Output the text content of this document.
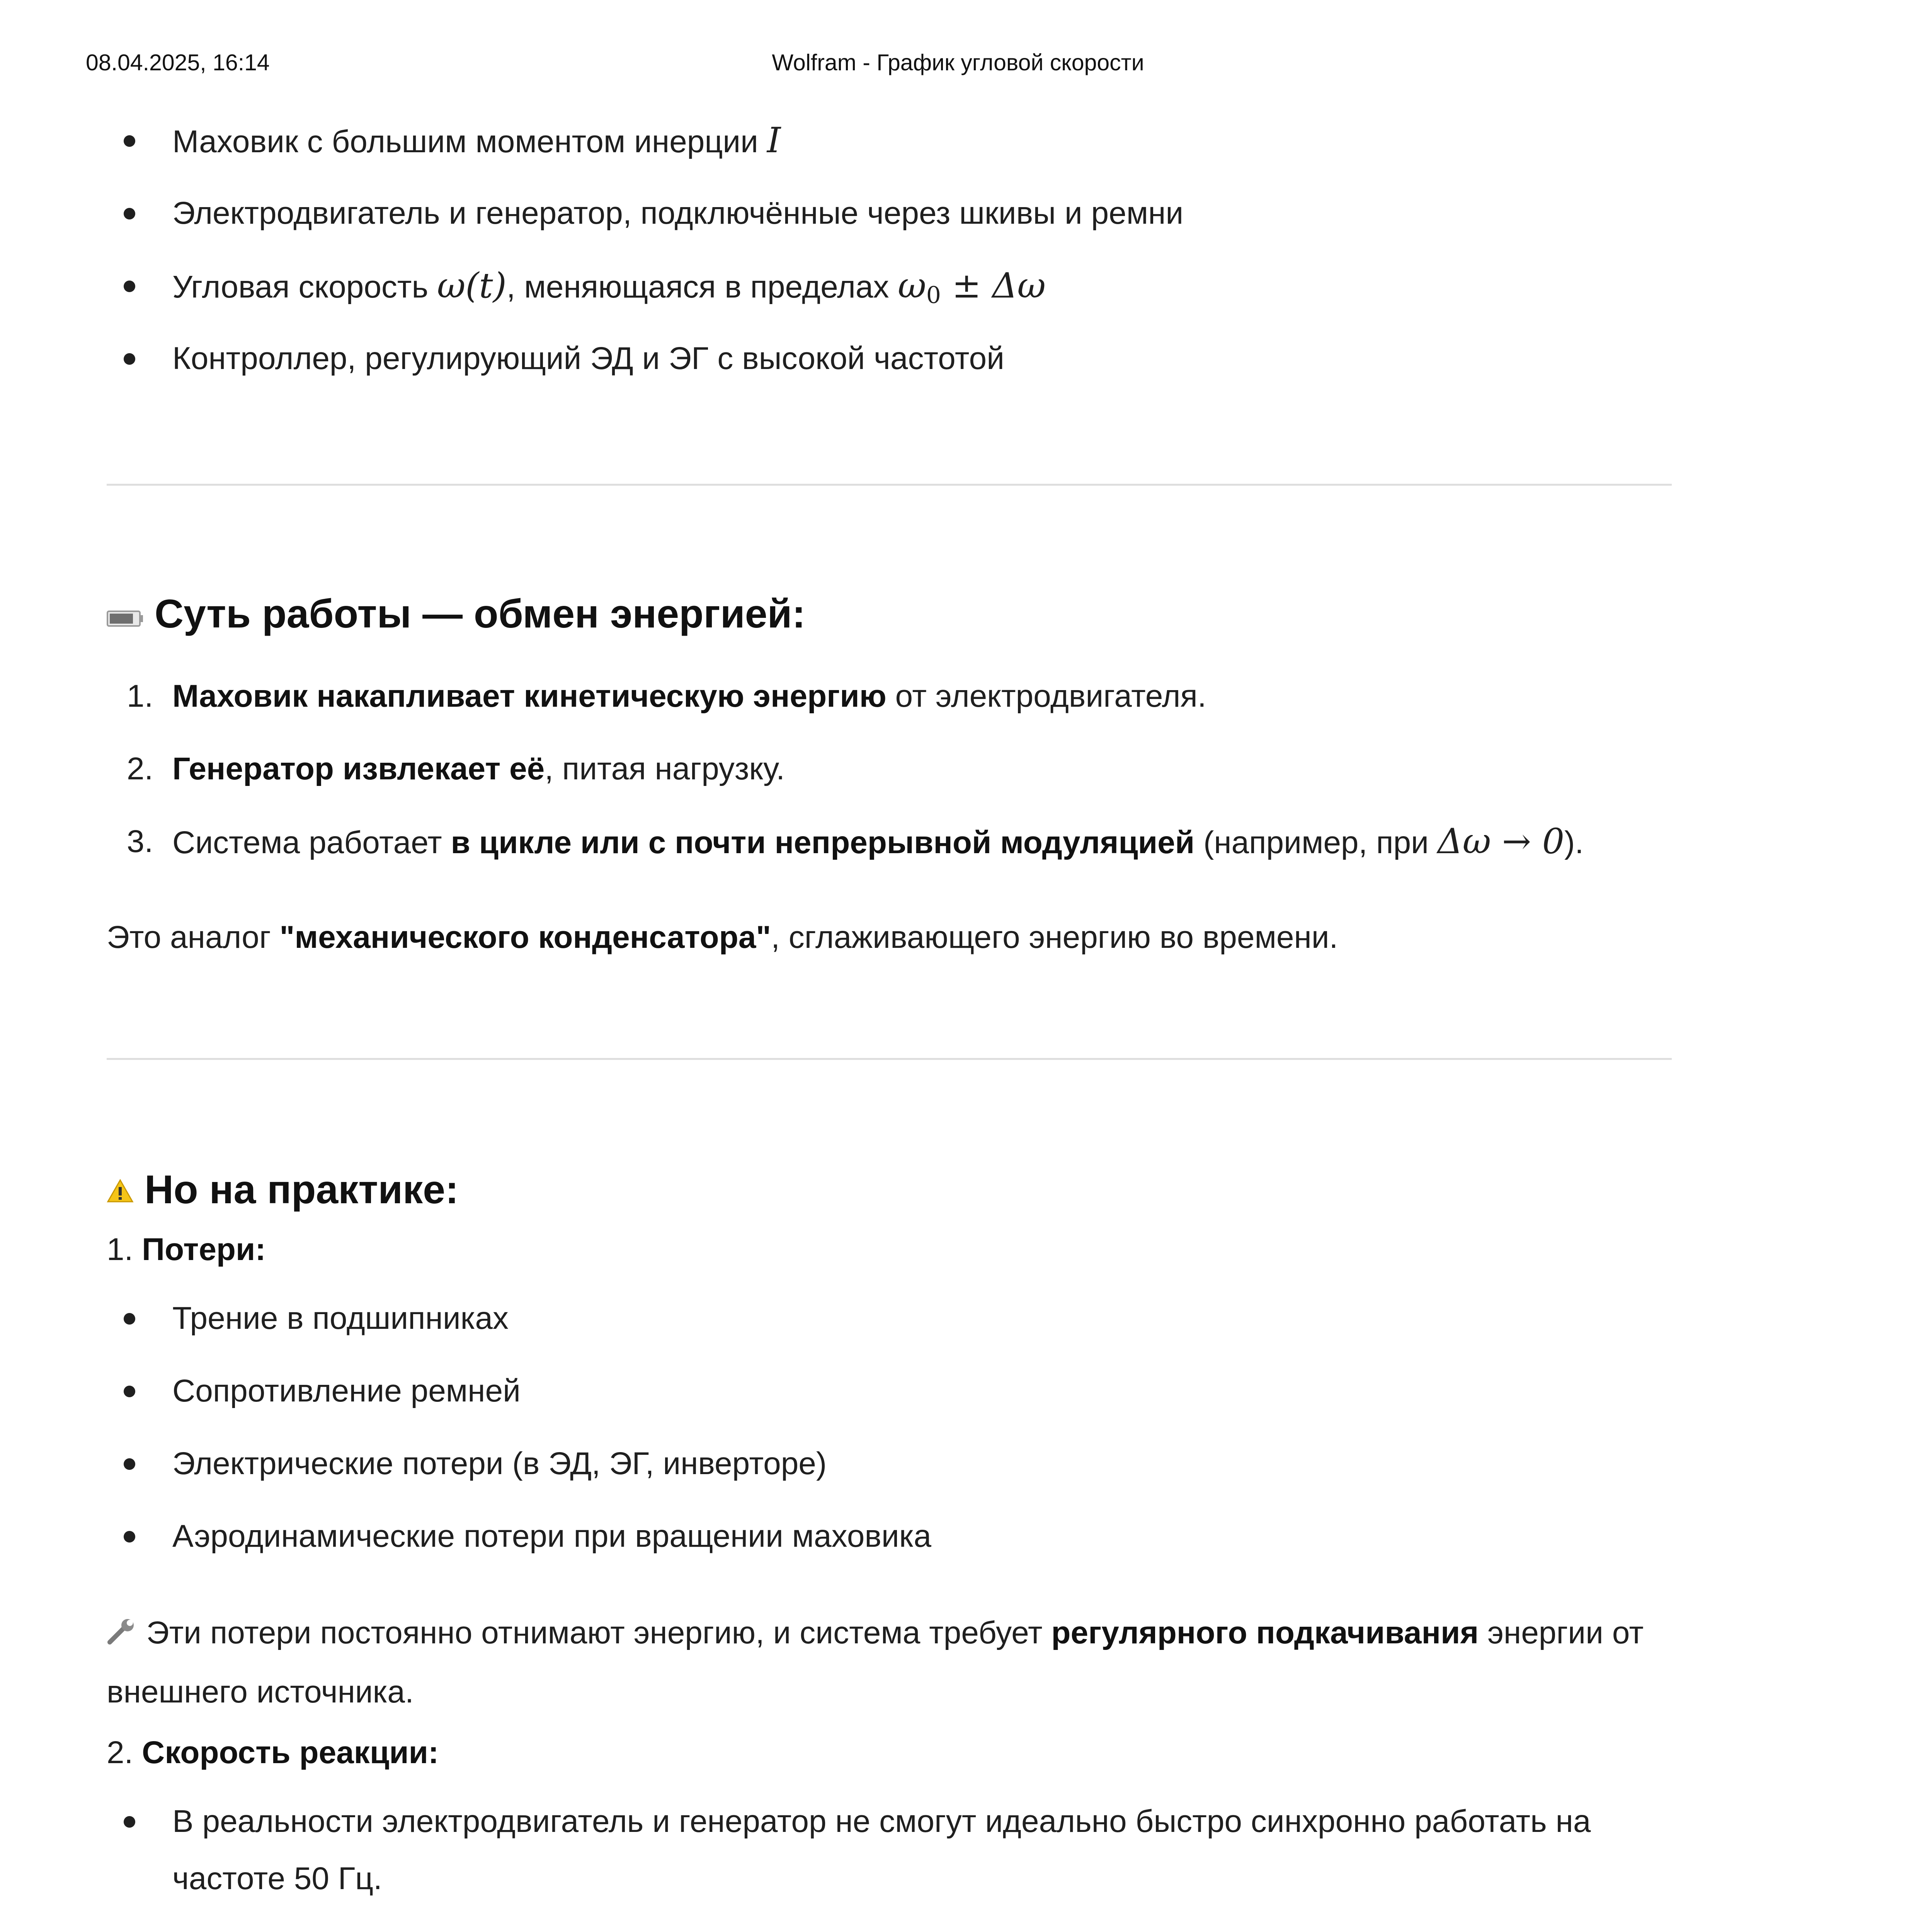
08.04.2025, 16:14	Wolfram - График угловой скорости
Маховик с большим моментом инерции I
Электродвигатель и генератор, подключённые через шкивы и ремни
Угловая скорость ω(t), меняющаяся в пределах $\omega_0 \pm \Delta\omega$
Контроллер, регулирующий ЭД и ЭГ с высокой частотой
Суть работы — обмен энергией:
1. Маховик накапливает кинетическую энергию от электродвигателя.
2. Генератор извлекает её, питая нагрузку.
3. Система работает в цикле или с почти непрерывной модуляцией (например, при Δω → 0).
Это аналог "механического конденсатора", сглаживающего энергию во времени.
Но на практике:
1. Потери:
Трение в подшипниках
Сопротивление ремней
Электрические потери (в ЭД, ЭГ, инверторе)
Аэродинамические потери при вращении маховика
Эти потери постоянно отнимают энергию, и система требует регулярного подкачивания энергии от
внешнего источника.
2. Скорость реакции:
В реальности электродвигатель и генератор не смогут идеально быстро синхронно работать на
частоте 50 Гц.
